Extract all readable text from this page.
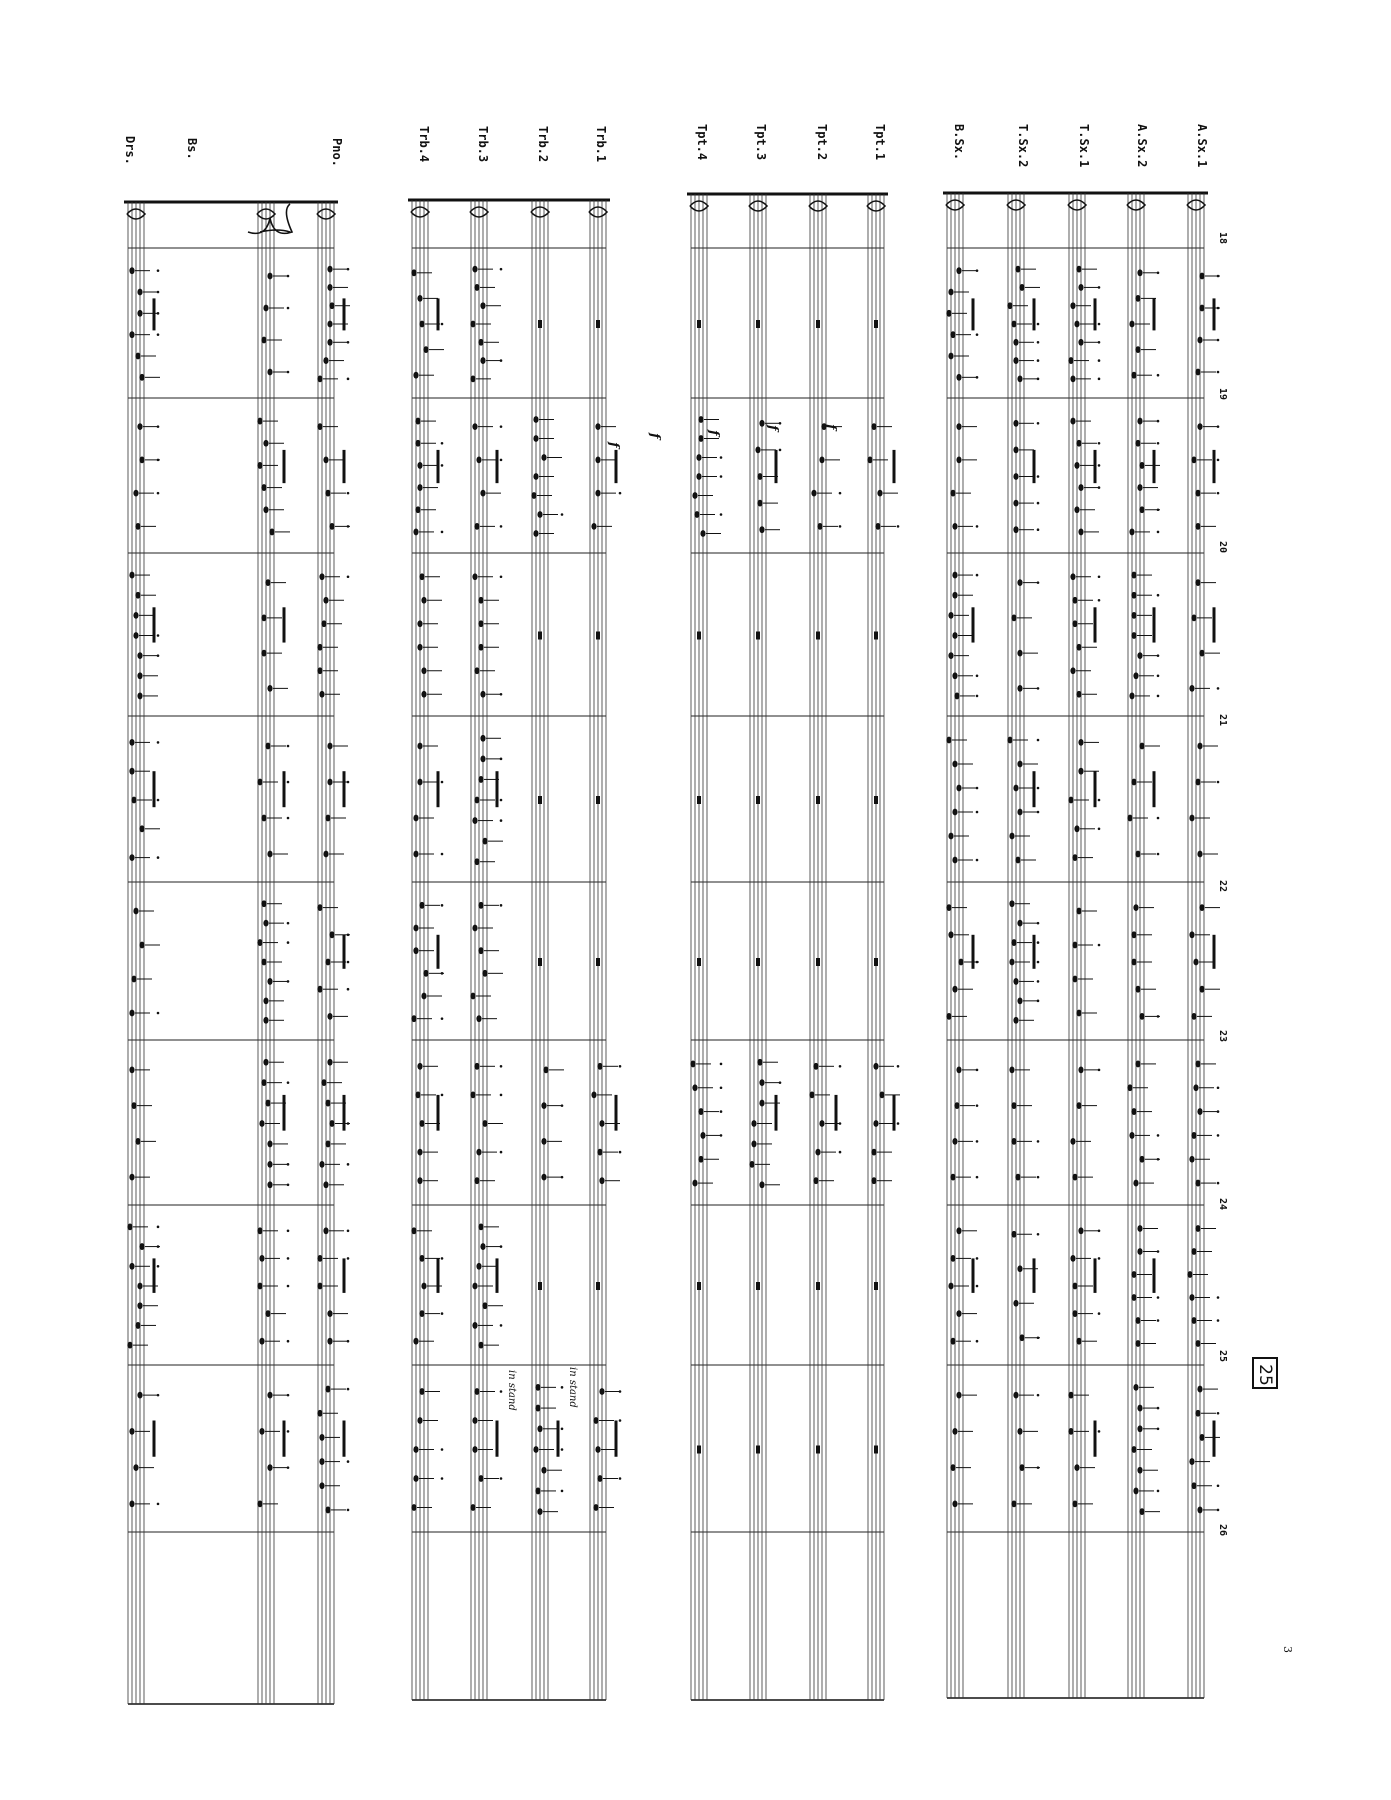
A.Sx.1
A.Sx.2
T.Sx.1
T.Sx.2
B.Sx.
Tpt.1
Tpt.2
Tpt.3
Tpt.4
Trb.1
Trb.2
Trb.3
Trb.4
Pno.
Bs.
Drs.
18
19
20
21
22
23
24
25
26
25
3
in stand
in stand
f
f
f
f
f
